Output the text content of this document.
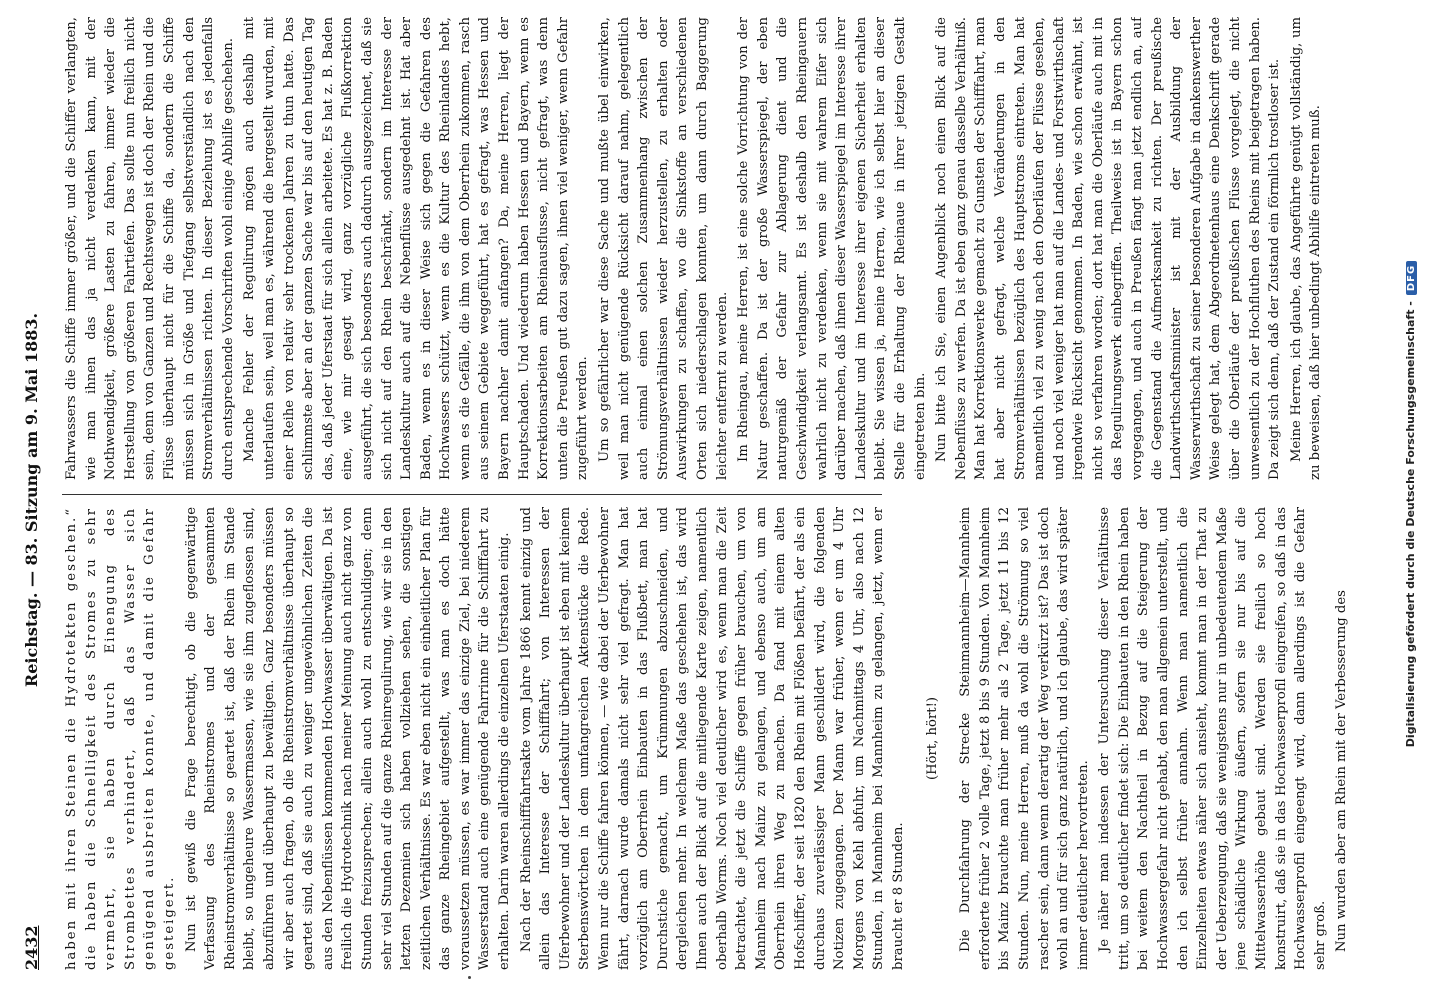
2432
Reichstag. — 83. Sitzung am 9. Mai 1883.

haben mit ihren Steinen die Hydrotekten geschen.“ die haben die Schnelligkeit des Stromes zu sehr vermehrt, sie haben durch Einengung des Strombettes verhindert, daß das Wasser sich genügend ausbreiten konnte, und damit die Gefahr gesteigert. Nun ist gewiß die Frage berechtigt, ob die gegenwärtige Verfassung des Rheinstromes und der gesammten Rheinstromverhältnisse so geartet ist, daß der Rhein im Stande bleibt, so ungeheure Wassermassen, wie sie ihm zugeflossen sind, abzuführen und überhaupt zu bewältigen. Ganz besonders müssen wir aber auch fragen, ob die Rheinstromverhältnisse überhaupt so geartet sind, daß sie auch zu weniger ungewöhnlichen Zeiten die aus den Nebenflüssen kommenden Hochwasser überwältigen. Da ist freilich die Hydrotechnik nach meiner Meinung auch nicht ganz von Stunden freizusprechen; allein auch wohl zu entschuldigen; denn sehr viel Stunden auf die ganze Rheinregulirung, wie wir sie in den letzten Dezennien sich haben vollziehen sehen, die sonstigen zeitlichen Verhältnisse. Es war eben nicht ein einheitlicher Plan für das ganze Rheingebiet aufgestellt, was man es doch hätte voraussetzen müssen, es war immer das einzige Ziel, bei niederem Wasserstand auch eine genügende Fahrrinne für die Schifffahrt zu erhalten. Darin waren allerdings die einzelnen Uferstaaten einig. Nach der Rheinschifffahrtsakte vom Jahre 1866 kennt einzig und allein das Interesse der Schifffahrt; von Interessen der Uferbewohner und der Landeskultur überhaupt ist eben mit keinem Sterbenswörtchen in dem umfangreichen Aktenstücke die Rede. Wenn nur die Schiffe fahren können, — wie dabei der Uferbewohner fährt, darnach wurde damals nicht sehr viel gefragt. Man hat vorzüglich am Oberrhein Einbauten in das Flußbett, man hat Durchstiche gemacht, um Krümmungen abzuschneiden, und dergleichen mehr. In welchem Maße das geschehen ist, das wird Ihnen auch der Blick auf die mitliegende Karte zeigen, namentlich oberhalb Worms. Noch viel deutlicher wird es, wenn man die Zeit betrachtet, die jetzt die Schiffe gegen früher brauchen, um von Mannheim nach Mainz zu gelangen, und ebenso auch, um am Oberrhein ihren Weg zu machen. Da fand mit einem alten Hofschiffer, der seit 1820 den Rhein mit Flößen befährt, der als ein durchaus zuverlässiger Mann geschildert wird, die folgenden Notizen zugegangen. Der Mann war früher, wenn er um 4 Uhr Morgens von Kehl abfuhr, um Nachmittags 4 Uhr, also nach 12 Stunden, in Mannheim bei Mannheim zu gelangen, jetzt, wenn er braucht er 8 Stunden.

(Hört, hört!) Die Durchfahrung der Strecke Steinmannheim—Mannheim erforderte früher 2 volle Tage, jetzt 8 bis 9 Stunden. Von Mannheim bis Mainz brauchte man früher mehr als 2 Tage, jetzt 11 bis 12 Stunden. Nun, meine Herren, muß da wohl die Strömung so viel rascher sein, dann wenn derartig der Weg verkürzt ist? Das ist doch wohl an und für sich ganz natürlich, und ich glaube, das wird später immer deutlicher hervortreten. Je näher man indessen der Untersuchung dieser Verhältnisse tritt, um so deutlicher findet sich: Die Einbauten in den Rhein haben bei weitem den Nachtheil in Bezug auf die Steigerung der Hochwassergefahr nicht gehabt, den man allgemein unterstellt, und den ich selbst früher annahm. Wenn man namentlich die Einzelheiten etwas näher sich ansieht, kommt man in der That zu der Ueberzeugung, daß sie wenigstens nur in unbedeutendem Maße jene schädliche Wirkung äußern, sofern sie nur bis auf die Mittelwasserhöhe gebaut sind. Werden sie freilich so hoch konstruirt, daß sie in das Hochwasserprofil eingreifen, so daß in das Hochwasserprofil eingeengt wird, dann allerdings ist die Gefahr sehr groß. Nun wurden aber am Rhein mit der Verbesserung des

Fahrwassers die Schiffe immer größer, und die Schiffer verlangten, wie man ihnen das ja nicht verdenken kann, mit der Nothwendigkeit, größere Lasten zu fahren, immer wieder die Herstellung von größeren Fahrtiefen. Das sollte nun freilich nicht sein, denn von Ganzen und Rechtswegen ist doch der Rhein und die Flüsse überhaupt nicht für die Schiffe da, sondern die Schiffe müssen sich in Größe und Tiefgang selbstverständlich nach den Stromverhältnissen richten. In dieser Beziehung ist es jedenfalls durch entsprechende Vorschriften wohl einige Abhilfe geschehen. Manche Fehler der Regulirung mögen auch deshalb mit unterlaufen sein, weil man es, während die hergestellt wurden, mit einer Reihe von relativ sehr trockenen Jahren zu thun hatte. Das schlimmste aber an der ganzen Sache war bis auf den heutigen Tag das, daß jeder Uferstaat für sich allein arbeitete. Es hat z. B. Baden eine, wie mir gesagt wird, ganz vorzügliche Flußkorrektion ausgeführt, die sich besonders auch dadurch ausgezeichnet, daß sie sich nicht auf den Rhein beschränkt, sondern im Interesse der Landeskultur auch auf die Nebenflüsse ausgedehnt ist. Hat aber Baden, wenn es in dieser Weise sich gegen die Gefahren des Hochwassers schützt, wenn es die Kultur des Rheinlandes hebt, wenn es die Gefälle, die ihm von dem Oberrhein zukommen, rasch aus seinem Gebiete weggeführt, hat es gefragt, was Hessen und Bayern nachher damit anfangen? Da, meine Herren, liegt der Hauptschaden. Und wiederum haben Hessen und Bayern, wenn es Korrektionsarbeiten am Rheinausflusse, nicht gefragt, was denn unten die Preußen gut dazu sagen, ihnen viel weniger, wenn Gefahr zugeführt werden. Um so gefährlicher war diese Sache und mußte übel einwirken, weil man nicht genügende Rücksicht darauf nahm, gelegentlich auch einmal einen solchen Zusammenhang zwischen der Strömungsverhältnissen wieder herzustellen, zu erhalten oder Auswirkungen zu schaffen, wo die Sinkstoffe an verschiedenen Orten sich niederschlagen konnten, um dann durch Baggerung leichter entfernt zu werden. Im Rheingau, meine Herren, ist eine solche Vorrichtung von der Natur geschaffen. Da ist der große Wasserspiegel, der eben naturgemäß der Gefahr zur Ablagerung dient und die Geschwindigkeit verlangsamt. Es ist deshalb den Rheingauern wahrlich nicht zu verdenken, wenn sie mit wahrem Eifer sich darüber machen, daß ihnen dieser Wasserspiegel im Interesse ihrer Landeskultur und im Interesse ihrer eigenen Sicherheit erhalten bleibt. Sie wissen ja, meine Herren, wie ich selbst hier an dieser Stelle für die Erhaltung der Rheinaue in ihrer jetzigen Gestalt eingetreten bin. Nun bitte ich Sie, einen Augenblick noch einen Blick auf die Nebenflüsse zu werfen. Da ist eben ganz genau dasselbe Verhältniß. Man hat Korrektionswerke gemacht zu Gunsten der Schifffahrt, man hat aber nicht gefragt, welche Veränderungen in den Stromverhältnissen bezüglich des Hauptstroms eintreten. Man hat namentlich viel zu wenig nach den Oberläufen der Flüsse gesehen, und noch viel weniger hat man auf die Landes- und Forstwirthschaft irgendwie Rücksicht genommen. In Baden, wie schon erwähnt, ist nicht so verfahren worden; dort hat man die Oberläufe auch mit in das Regulirungswerk einbegriffen. Theilweise ist in Bayern schon vorgegangen, und auch in Preußen fängt man jetzt endlich an, auf die Gegenstand die Aufmerksamkeit zu richten. Der preußische Landwirthschaftsminister ist mit der Ausbildung der Wasserwirthschaft zu seiner besonderen Aufgabe in dankenswerther Weise gelegt hat, dem Abgeordnetenhaus eine Denkschrift gerade über die Oberläufe der preußischen Flüsse vorgelegt, die nicht unwesentlich zu der Hochfluthen des Rheins mit beigetragen haben. Da zeigt sich denn, daß der Zustand ein förmlich trostloser ist. Meine Herren, ich glaube, das Angeführte genügt vollständig, um zu beweisen, daß hier unbedingt Abhilfe eintreten muß.

Digitalisierung gefördert durch die Deutsche Forschungsgemeinschaft -DFG
